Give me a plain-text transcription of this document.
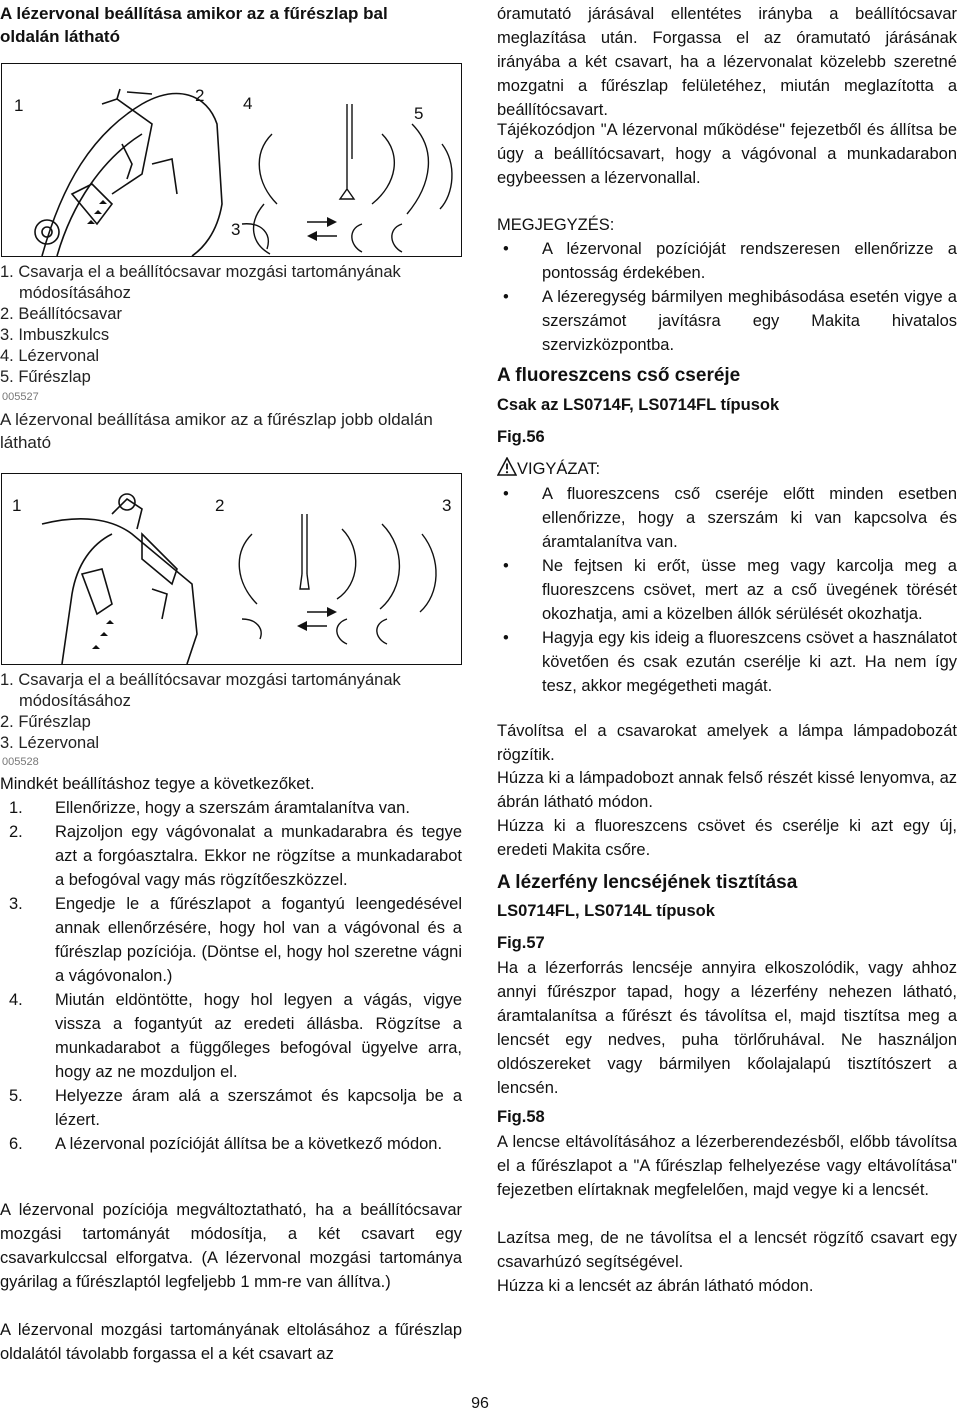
A lézervonal beállítása amikor az a fűrészlap bal oldalán látható
1
2 4
5
3
1. Csavarja el a beállítócsavar mozgási tartományának
módosításához
2. Beállítócsavar
3. Imbuszkulcs
4. Lézervonal
5. Fűrészlap
005527
A lézervonal beállítása amikor az a fűrészlap jobb oldalán látható
1	2	3
1. Csavarja el a beállítócsavar mozgási tartományának
módosításához
2. Fűrészlap
3. Lézervonal
005528
Mindkét beállításhoz tegye a következőket.
1. Ellenőrizze, hogy a szerszám áramtalanítva van.
2. Rajzoljon egy vágóvonalat a munkadarabra és tegye azt a forgóasztalra. Ekkor ne rögzítse a munkadarabot a befogóval vagy más rögzítőeszközzel.
3. Engedje le a fűrészlapot a fogantyú leengedésével annak ellenőrzésére, hogy hol van a vágóvonal és a fűrészlap pozíciója. (Döntse el, hogy hol szeretne vágni a vágóvonalon.)
4. Miután eldöntötte, hogy hol legyen a vágás, vigye vissza a fogantyút az eredeti állásba. Rögzítse a munkadarabot a függőleges befogóval ügyelve arra, hogy az ne mozduljon el.
5. Helyezze áram alá a szerszámot és kapcsolja be a lézert.
6. A lézervonal pozícióját állítsa be a következő módon.
A lézervonal pozíciója megváltoztatható, ha a beállítócsavar mozgási tartományát módosítja, a két csavart egy csavarkulccsal elforgatva. (A lézervonal mozgási tartománya gyárilag a fűrészlaptól legfeljebb 1 mm-re van állítva.)
A lézervonal mozgási tartományának eltolásához a fűrészlap oldalától távolabb forgassa el a két csavart az
óramutató járásával ellentétes irányba a beállítócsavar meglazítása után. Forgassa el az óramutató járásának irányába a két csavart, ha a lézervonalat közelebb szeretné mozgatni a fűrészlap felületéhez, miután meglazította a beállítócsavart.
Tájékozódjon "A lézervonal működése" fejezetből és állítsa be úgy a beállítócsavart, hogy a vágóvonal a munkadarabon egybeessen a lézervonallal.
MEGJEGYZÉS:
• A lézervonal pozícióját rendszeresen ellenőrizze a pontosság érdekében.
• A lézeregység bármilyen meghibásodása esetén vigye a szerszámot javításra egy Makita hivatalos szervizközpontba.
A fluoreszcens cső cseréje
Csak az LS0714F, LS0714FL típusok
Fig.56
VIGYÁZAT:
• A fluoreszcens cső cseréje előtt minden esetben ellenőrizze, hogy a szerszám ki van kapcsolva és áramtalanítva van.
• Ne fejtsen ki erőt, üsse meg vagy karcolja meg a fluoreszcens csövet, mert az a cső üvegének törését okozhatja, ami a közelben állók sérülését okozhatja.
• Hagyja egy kis ideig a fluoreszcens csövet a használatot követően és csak ezután cserélje ki azt. Ha nem így tesz, akkor megégetheti magát.
Távolítsa el a csavarokat amelyek a lámpa lámpadobozát rögzítik.
Húzza ki a lámpadobozt annak felső részét kissé lenyomva, az ábrán látható módon.
Húzza ki a fluoreszcens csövet és cserélje ki azt egy új, eredeti Makita csőre.
A lézerfény lencséjének tisztítása
LS0714FL, LS0714L típusok
Fig.57
Ha a lézerforrás lencséje annyira elkoszolódik, vagy ahhoz annyi fűrészpor tapad, hogy a lézerfény nehezen látható, áramtalanítsa a fűrészt és távolítsa el, majd tisztítsa meg a lencsét egy nedves, puha törlőruhával. Ne használjon oldószereket vagy bármilyen kőolajalapú tisztítószert a lencsén.
Fig.58
A lencse eltávolításához a lézerberendezésből, előbb távolítsa el a fűrészlapot a "A fűrészlap felhelyezése vagy eltávolítása" fejezetben elírtaknak megfelelően, majd vegye ki a lencsét.
Lazítsa meg, de ne távolítsa el a lencsét rögzítő csavart egy csavarhúzó segítségével.
Húzza ki a lencsét az ábrán látható módon.
96
